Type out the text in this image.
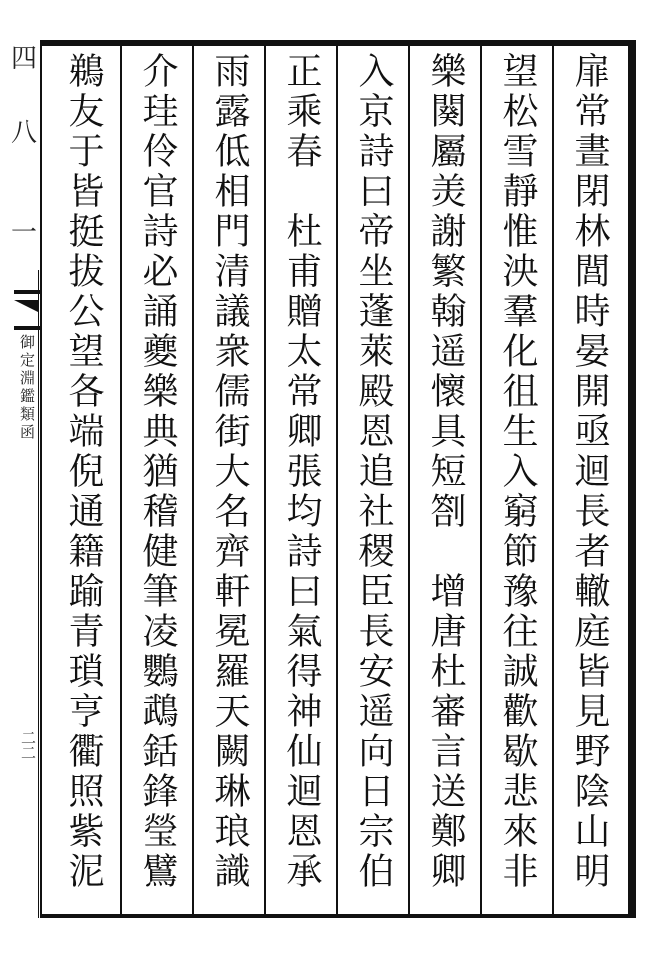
四
八
一
御定淵鑑類函
二二	扉常晝閉林閭時晏開亟迴長者轍庭皆見野陰山明
望松雪靜惟泱羣化徂生入窮節豫往誠歡歇悲來非
樂闋屬羙謝繁翰遥懷具短劄　增唐杜審言送鄭卿
入京詩曰帝坐蓬萊殿恩追社稷臣長安遥向日宗伯
正乘春　杜甫贈太常卿張均詩曰氣得神仙迴恩承
雨露低相門清議衆儒街大名齊軒冕羅天闕琳琅識
介珪伶官詩必誦夔樂典猶稽健筆凌鸚鵡銛鋒瑩鷿
鵜友于皆挺拔公望各端倪通籍踰青瑣亨衢照紫泥
